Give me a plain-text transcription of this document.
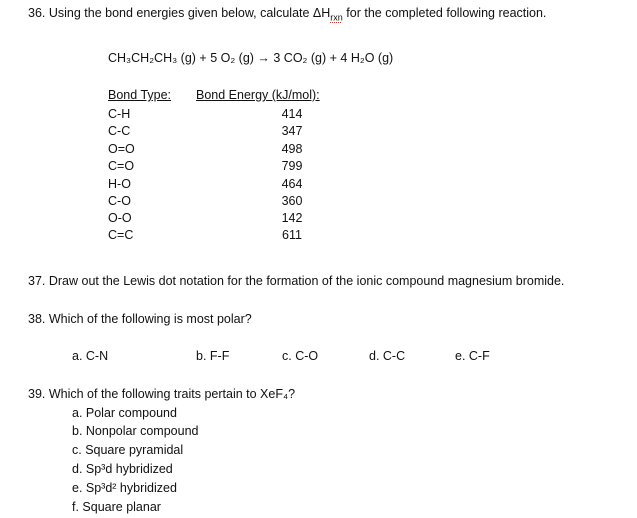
36. Using the bond energies given below, calculate $\Delta H_{rxn}$ for the completed following reaction.
CH₃CH₂CH₃ (g) + 5 O₂ (g) → 3 CO₂ (g) + 4 H₂O (g)
Bond Type: Bond Energy (kJ/mol):
C-H	414
C-C	347
O=O	498
C=O	799
H-O	464
C-O	360
O-O	142
C=C	611
37. Draw out the Lewis dot notation for the formation of the ionic compound magnesium bromide.
38. Which of the following is most polar?
a. C-N	b. F-F	c. C-O	d. C-C	e. C-F
39. Which of the following traits pertain to XeF₄?
a. Polar compound
b. Nonpolar compound
c. Square pyramidal
d. Sp³d hybridized
e. Sp³d² hybridized
f. Square planar
